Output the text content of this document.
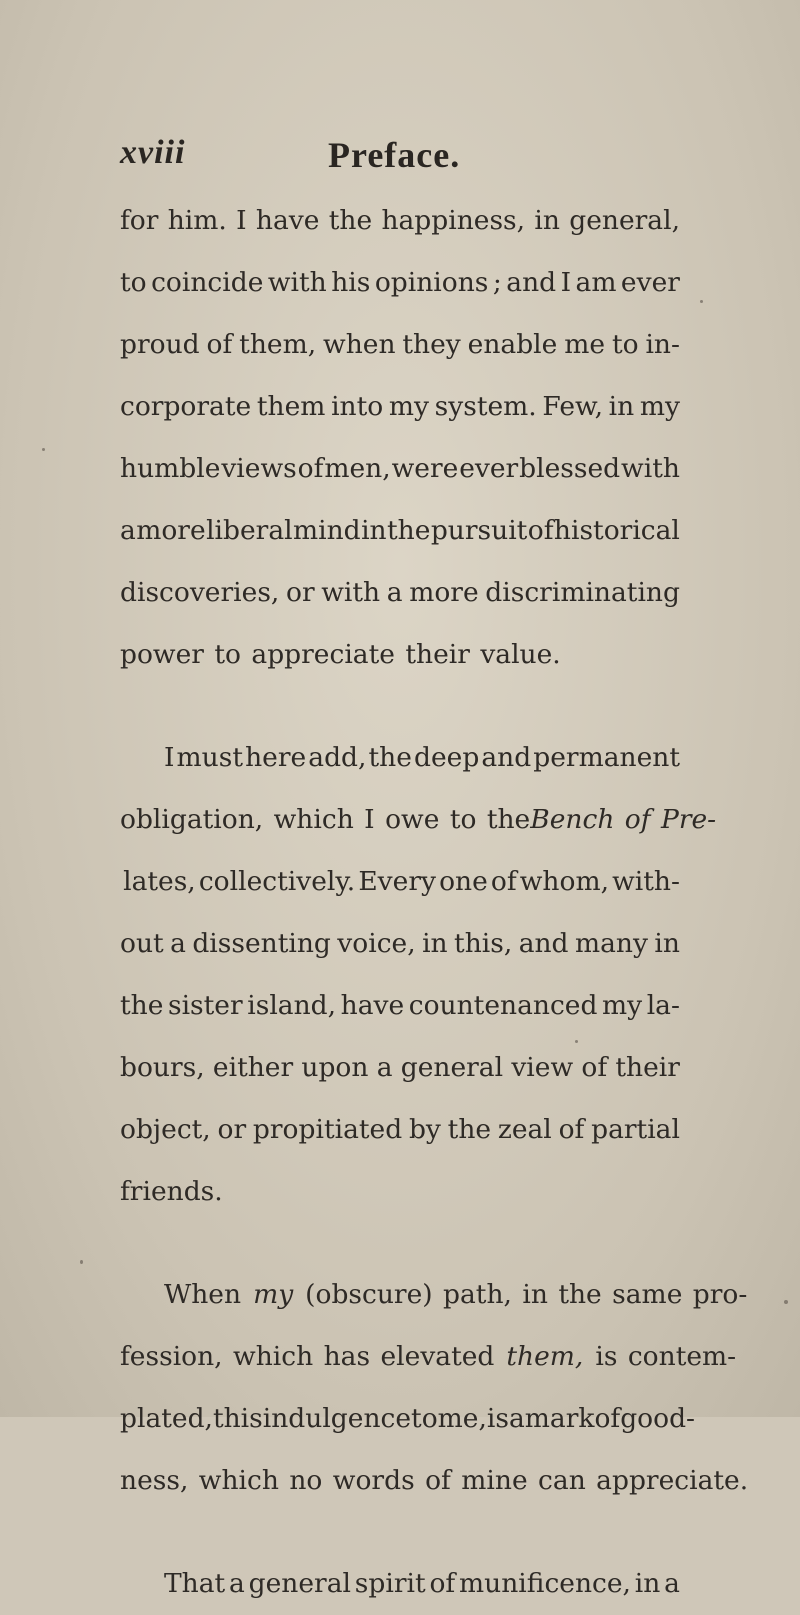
xviii	Preface.
for him. I have the happiness, in general,
to coincide with his opinions ; and I am ever
proud of them, when they enable me to in-
corporate them into my system. Few, in my
humble views of men, were ever blessed with
a more liberal mind in the pursuit of historical
discoveries, or with a more discriminating
power to appreciate their value.
I must here add, the deep and permanent
obligation, which I owe to the Bench of Pre-
lates, collectively. Every one of whom, with-
out a dissenting voice, in this, and many in
the sister island, have countenanced my la-
bours, either upon a general view of their
object, or propitiated by the zeal of partial
friends.
When my (obscure) path, in the same pro-
fession, which has elevated them, is contem-
plated,this indulgence to me, is a mark of good-
ness, which no words of mine can appreciate.
That a general spirit of munificence, in a
